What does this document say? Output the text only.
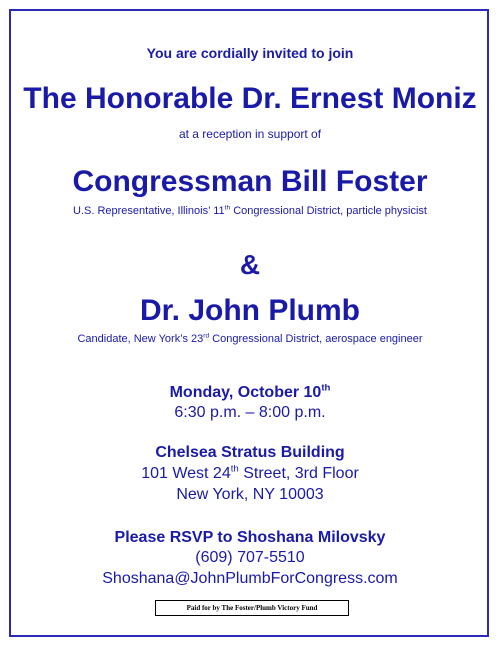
You are cordially invited to join
The Honorable Dr. Ernest Moniz
at a reception in support of
Congressman Bill Foster
U.S. Representative, Illinois’ 11th Congressional District, particle physicist
&
Dr. John Plumb
Candidate, New York’s 23rd Congressional District, aerospace engineer
Monday, October 10th
6:30 p.m. – 8:00 p.m.
Chelsea Stratus Building
101 West 24th Street, 3rd Floor
New York, NY 10003
Please RSVP to Shoshana Milovsky
(609) 707-5510
Shoshana@JohnPlumbForCongress.com
Paid for by The Foster/Plumb Victory Fund
